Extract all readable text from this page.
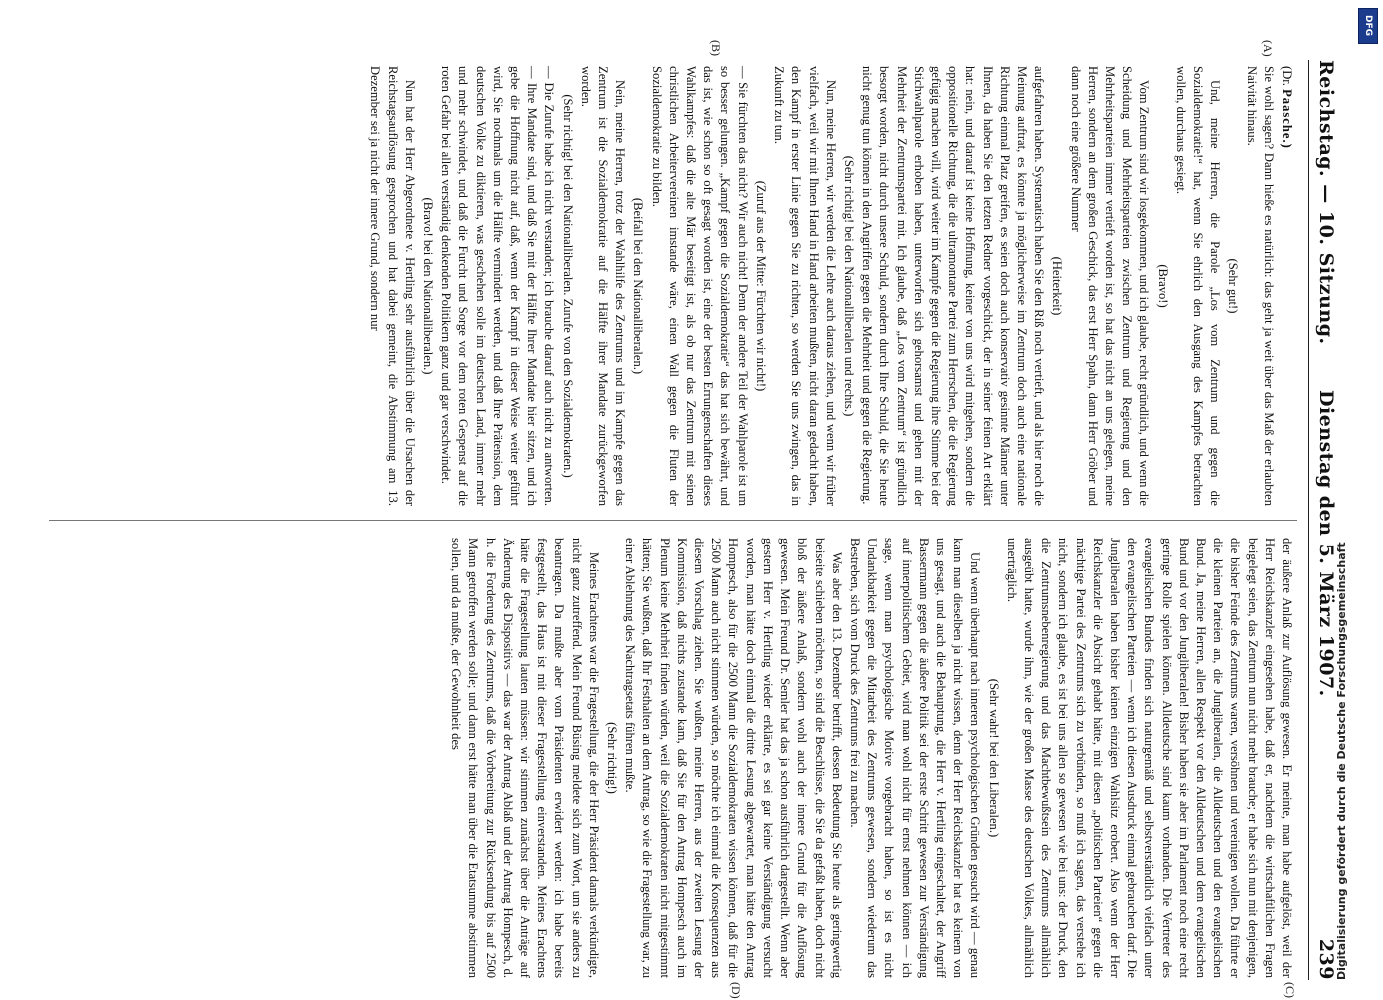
Reichstag. — 10. Sitzung.
Dienstag den 5. März 1907.
239
(A)
(B)
(C)
(D)

(Dr. Paasche.)

Sie wohl sagen? Dann hieße es natürlich: das geht ja weit über das Maß der erlaubten Naivität hinaus.

(Sehr gut!)

Und, meine Herren, die Parole „Los vom Zentrum und gegen die Sozialdemokratie!“ hat, wenn Sie ehrlich den Ausgang des Kampfes betrachten wollen, durchaus gesiegt.

(Bravo!)

Vom Zentrum sind wir losgekommen, und ich glaube, recht gründlich, und wenn die Scheidung und Mehrheitsparteien zwischen Zentrum und Regierung und den Mehrheitsparteien immer vertieft worden ist, so hat das nicht an uns gelegen, meine Herren, sondern an dem großen Geschick, das erst Herr Spahn, dann Herr Gröber und dann noch eine größere Nummer

(Heiterkeit)

aufgefahren haben. Systematisch haben Sie den Riß noch vertieft, und als hier noch die Meinung auftrat, es könnte ja möglicherweise im Zentrum doch auch eine nationale Richtung einmal Platz greifen, es seien doch auch konservativ gesinnte Männer unter Ihnen, da haben Sie den letzten Redner vorgeschickt, der in seiner feinen Art erklärt hat: nein, und darauf ist keine Hoffnung, keiner von uns wird mitgehen, sondern die oppositionelle Richtung, die die ultramontane Partei zum Herrschen, die die Regierung gefügig machen will, wird weiter im Kampfe gegen die Regierung ihre Stimme bei der Stichwahlparole erhoben haben, unterworfen sich gehorsamst und gehen mit der Mehrheit der Zentrumspartei mit. Ich glaube, daß „Los vom Zentrum“ ist gründlich besorgt worden, nicht durch unsere Schuld, sondern durch Ihre Schuld, die Sie heute nicht genug tun können in den Angriffen gegen die Mehrheit und gegen die Regierung.

(Sehr richtig! bei den Nationalliberalen und rechts.)

Nun, meine Herren, wir werden die Lehre auch daraus ziehen, und wenn wir früher vielfach, weil wir mit Ihnen Hand in Hand arbeiten mußten, nicht daran gedacht haben, den Kampf in erster Linie gegen Sie zu richten, so werden Sie uns zwingen, das in Zukunft zu tun.

(Zuruf aus der Mitte: Fürchten wir nicht!)

— Sie fürchten das nicht? Wir auch nicht! Denn der andere Teil der Wahlparole ist um so besser gelungen. „Kampf gegen die Sozialdemokratie“ das hat sich bewährt, und das ist, wie schon so oft gesagt worden ist, eine der besten Errungenschaften dieses Wahlkampfes: daß die alte Mär beseitigt ist, als ob nur das Zentrum mit seinen christlichen Arbeitervereinen imstande wäre, einen Wall gegen die Fluten der Sozialdemokratie zu bilden.

(Beifall bei den Nationalliberalen.)

Nein, meine Herren, trotz der Wahlhilfe des Zentrums und im Kampfe gegen das Zentrum ist die Sozialdemokratie auf die Hälfte ihrer Mandate zurückgeworfen worden.

(Sehr richtig! bei den Nationalliberalen. Zurufe von den Sozialdemokraten.)

— Die Zurufe habe ich nicht verstanden; ich brauche darauf auch nicht zu antworten. — Ihre Mandate sind, und daß Sie mit der Hälfte Ihrer Mandate hier sitzen, und ich gebe die Hoffnung nicht auf, daß, wenn der Kampf in dieser Weise weiter geführt wird, Sie nochmals um die Hälfte vermindert werden, und daß Ihre Prätension, dem deutschen Volke zu diktieren, was geschehen solle im deutschen Land, immer mehr und mehr schwindet, und daß die Furcht und Sorge vor dem roten Gespenst auf die roten Gefahr bei allen verständig denkenden Politikern ganz und gar verschwindet.

(Bravo! bei den Nationalliberalen.)

Nun hat der Herr Abgeordnete v. Hertling sehr ausführlich über die Ursachen der Reichstagsauflösung gesprochen und hat dabei gemeint, die Abstimmung am 13. Dezember sei ja nicht der innere Grund, sondern nur

der äußere Anlaß zur Auflösung gewesen. Er meinte, man habe aufgelöst, weil der Herr Reichskanzler eingesehen habe, daß er, nachdem die wirtschaftlichen Fragen beigelegt seien, das Zentrum nun nicht mehr brauche; er habe sich nun mit denjenigen, die bisher Feinde des Zentrums waren, versöhnen und vereinigen wollen. Da führte er die kleinen Parteien an, die Jungliberalen, die Alldeutschen und den evangelischen Bund. Ja, meine Herren, allen Respekt vor den Alldeutschen und dem evangelischen Bund und vor den Jungliberalen! Bisher haben sie aber im Parlament noch eine recht geringe Rolle spielen können. Alldeutsche sind kaum vorhanden. Die Vertreter des evangelischen Bundes finden sich naturgemäß und selbstverständlich vielfach unter den evangelischen Parteien — wenn ich diesen Ausdruck einmal gebrauchen darf. Die Jungliberalen haben bisher keinen einzigen Wahlsitz erobert. Also wenn der Herr Reichskanzler die Absicht gehabt hätte, mit diesen „politischen Parteien“ gegen die mächtige Partei des Zentrums sich zu verbünden, so muß ich sagen, das verstehe ich nicht, sondern ich glaube, es ist bei uns allen so gewesen wie bei uns: der Druck, den die Zentrumsnebenregierung und das Machtbewußtsein des Zentrums allmählich ausgeübt hatte, wurde ihm, wie der großen Masse des deutschen Volkes, allmählich unerträglich.

(Sehr wahr! bei den Liberalen.)

Und wenn überhaupt nach inneren psychologischen Gründen gesucht wird — genau kann man dieselben ja nicht wissen, denn der Herr Reichskanzler hat es keinem von uns gesagt, und auch die Behauptung, die Herr v. Hertling eingeschaltet, der Angriff Bassermann gegen die äußere Politik sei der erste Schritt gewesen zur Verständigung auf innerpolitischem Gebiet, wird man wohl nicht für ernst nehmen können — ich sage, wenn man psychologische Motive vorgebracht haben, so ist es nicht Undankbarkeit gegen die Mitarbeit des Zentrums gewesen, sondern wiederum das Bestreben, sich vom Druck des Zentrums frei zu machen.

Was aber den 13. Dezember betrifft, dessen Bedeutung Sie heute als geringwertig beiseite schieben möchten, so sind die Beschlüsse, die Sie da gefaßt haben, doch nicht bloß der äußere Anlaß, sondern wohl auch der innere Grund für die Auflösung gewesen. Mein Freund Dr. Semler hat das ja schon ausführlich dargestellt. Wenn aber gestern Herr v. Hertling wieder erklärte, es sei gar keine Verständigung versucht worden, man hätte doch einmal die dritte Lesung abgewartet, man hätte den Antrag Hompesch, also für die 2500 Mann die Sozialdemokraten wissen können, daß für die 2500 Mann auch nicht stimmen würden, so möchte ich einmal die Konsequenzen aus diesem Vorschlag ziehen. Sie wußten, meine Herren, aus der zweiten Lesung der Kommission, daß nichts zustande kam, daß Sie für den Antrag Hompesch auch im Plenum keine Mehrheit finden würden, weil die Sozialdemokraten nicht mitgestimmt hätten; Sie wußten, daß Ihr Festhalten an dem Antrag, so wie die Fragestellung war, zu einer Ablehnung des Nachtragsetats führen mußte.

(Sehr richtig!)

Meines Erachtens war die Fragestellung, die der Herr Präsident damals verkündigte, nicht ganz zutreffend. Mein Freund Büsing meldete sich zum Wort, um sie anders zu beantragen. Da mußte aber vom Präsidenten erwidert werden: ich habe bereits festgestellt, das Haus ist mit dieser Fragestellung einverstanden. Meines Erachtens hätte die Fragestellung lauten müssen: wir stimmen zunächst über die Anträge auf Änderung des Dispositivs — das war der Antrag Ablaß und der Antrag Hompesch, d. h. die Forderung des Zentrums, daß die Vorbereitung zur Rücksendung bis auf 2500 Mann getroffen werden solle; und dann erst hätte man über die Etatsumme abstimmen sollen, und da mußte, der Gewohnheit des	Digitalisierung gefördert durch die Deutsche Forschungsgemeinschaft
DFG
